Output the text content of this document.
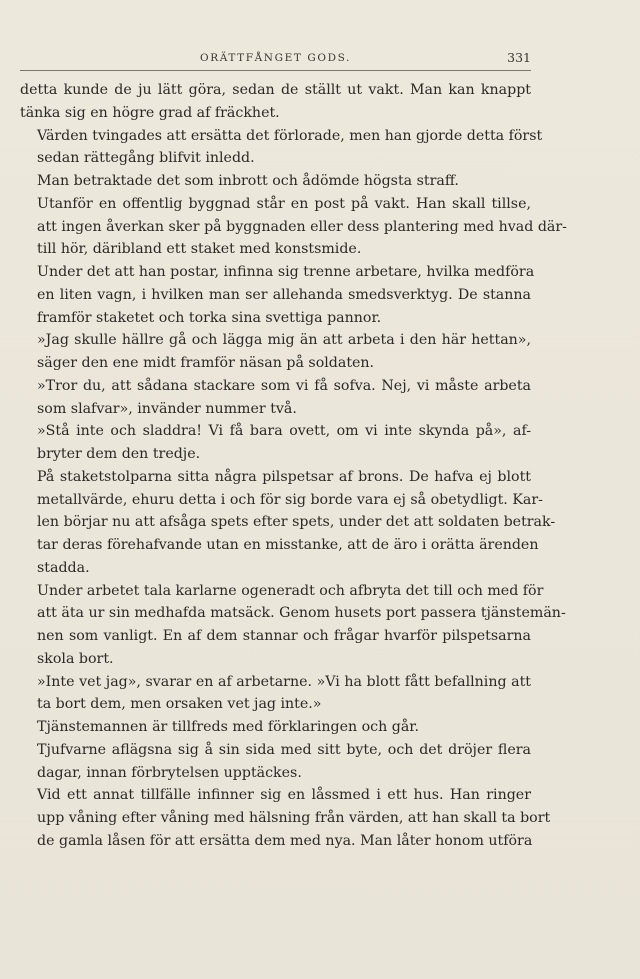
ORÄTTFÅNGET GODS.	331

detta kunde de ju lätt göra, sedan de ställt ut vakt. Man kan knappt
tänka sig en högre grad af fräckhet.

Värden tvingades att ersätta det förlorade, men han gjorde detta först
sedan rättegång blifvit inledd.

Man betraktade det som inbrott och ådömde högsta straff.

Utanför en offentlig byggnad står en post på vakt. Han skall tillse,
att ingen åverkan sker på byggnaden eller dess plantering med hvad där-
till hör, däribland ett staket med konstsmide.

Under det att han postar, infinna sig trenne arbetare, hvilka medföra
en liten vagn, i hvilken man ser allehanda smedsverktyg. De stanna
framför staketet och torka sina svettiga pannor.

»Jag skulle hällre gå och lägga mig än att arbeta i den här hettan»,
säger den ene midt framför näsan på soldaten.

»Tror du, att sådana stackare som vi få sofva. Nej, vi måste arbeta
som slafvar», invänder nummer två.

»Stå inte och sladdra! Vi få bara ovett, om vi inte skynda på», af-
bryter dem den tredje.

På staketstolparna sitta några pilspetsar af brons. De hafva ej blott
metallvärde, ehuru detta i och för sig borde vara ej så obetydligt. Kar-
len börjar nu att afsåga spets efter spets, under det att soldaten betrak-
tar deras förehafvande utan en misstanke, att de äro i orätta ärenden
stadda.

Under arbetet tala karlarne ogeneradt och afbryta det till och med för
att äta ur sin medhafda matsäck. Genom husets port passera tjänstemän-
nen som vanligt. En af dem stannar och frågar hvarför pilspetsarna
skola bort.

»Inte vet jag», svarar en af arbetarne. »Vi ha blott fått befallning att
ta bort dem, men orsaken vet jag inte.»

Tjänstemannen är tillfreds med förklaringen och går.

Tjufvarne aflägsna sig å sin sida med sitt byte, och det dröjer flera
dagar, innan förbrytelsen upptäckes.

Vid ett annat tillfälle infinner sig en låssmed i ett hus. Han ringer
upp våning efter våning med hälsning från värden, att han skall ta bort
de gamla låsen för att ersätta dem med nya. Man låter honom utföra
